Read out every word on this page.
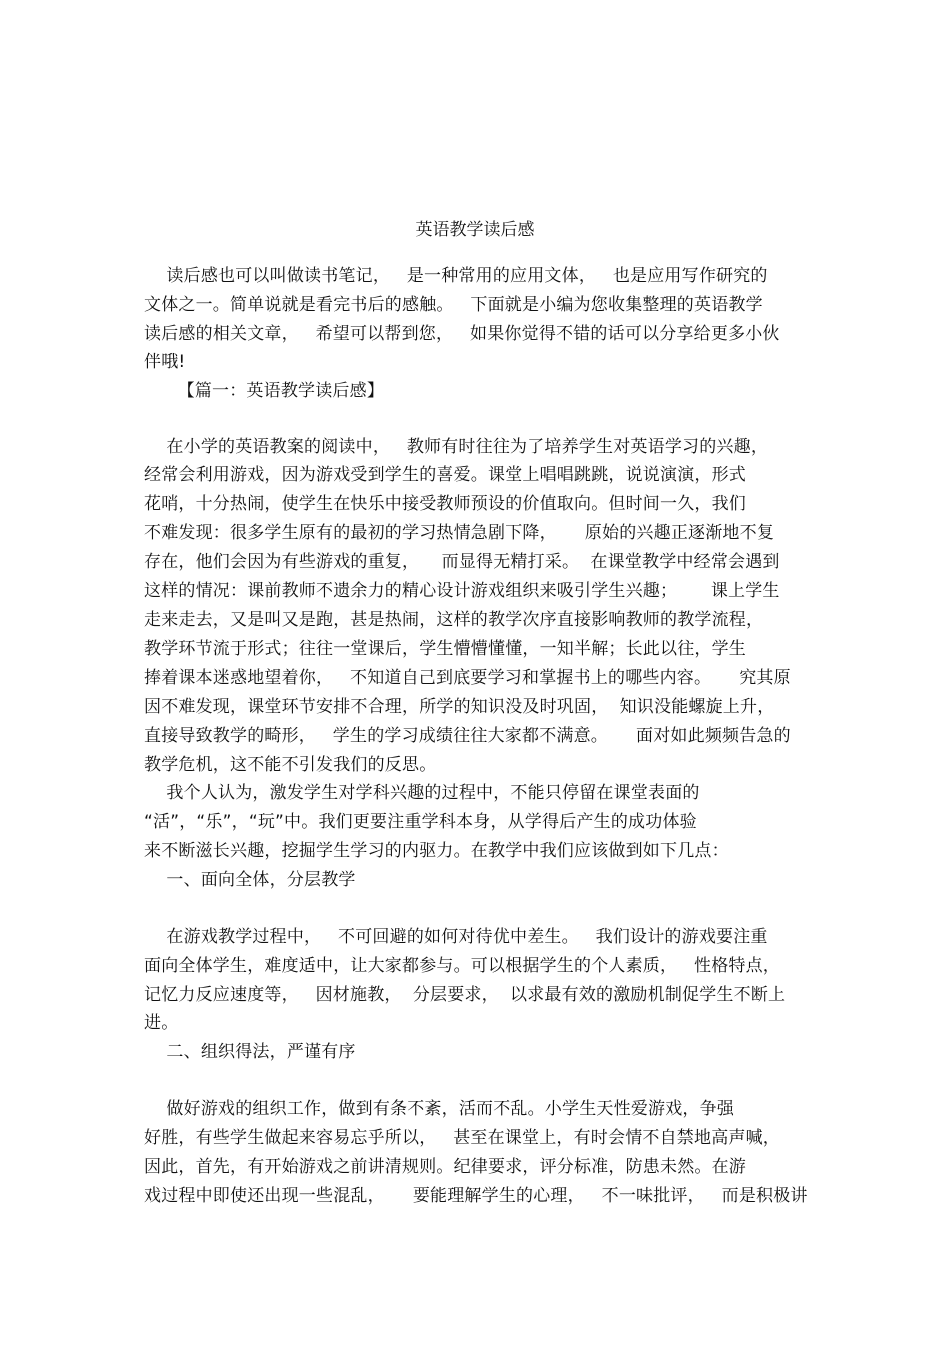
英语教学读后感
读后感也可以叫做读书笔记，   是一种常用的应用文体，   也是应用写作研究的
文体之一。简单说就是看完书后的感触。   下面就是小编为您收集整理的英语教学
读后感的相关文章，   希望可以帮到您，   如果你觉得不错的话可以分享给更多小伙
伴哦!
【篇一：英语教学读后感】
在小学的英语教案的阅读中，   教师有时往往为了培养学生对英语学习的兴趣，
经常会利用游戏，因为游戏受到学生的喜爱。课堂上唱唱跳跳，说说演演，形式
花哨，十分热闹，使学生在快乐中接受教师预设的价值取向。但时间一久，我们
不难发现：很多学生原有的最初的学习热情急剧下降，     原始的兴趣正逐渐地不复
存在，他们会因为有些游戏的重复，    而显得无精打采。  在课堂教学中经常会遇到
这样的情况：课前教师不遗余力的精心设计游戏组织来吸引学生兴趣；      课上学生
走来走去，又是叫又是跑，甚是热闹，这样的教学次序直接影响教师的教学流程，
教学环节流于形式；往往一堂课后，学生懵懵懂懂，一知半解；长此以往，学生
捧着课本迷惑地望着你，   不知道自己到底要学习和掌握书上的哪些内容。     究其原
因不难发现，课堂环节安排不合理，所学的知识没及时巩固，  知识没能螺旋上升，
直接导致教学的畸形，   学生的学习成绩往往大家都不满意。     面对如此频频告急的
教学危机，这不能不引发我们的反思。
我个人认为，激发学生对学科兴趣的过程中，不能只停留在课堂表面的
“活”，“乐”，“玩”中。我们更要注重学科本身，从学得后产生的成功体验
来不断滋长兴趣，挖掘学生学习的内驱力。在教学中我们应该做到如下几点：
一、面向全体，分层教学
在游戏教学过程中，   不可回避的如何对待优中差生。   我们设计的游戏要注重
面向全体学生，难度适中，让大家都参与。可以根据学生的个人素质，   性格特点，
记忆力反应速度等，   因材施教，  分层要求，  以求最有效的激励机制促学生不断上
进。
二、组织得法，严谨有序
做好游戏的组织工作，做到有条不紊，活而不乱。小学生天性爱游戏，争强
好胜，有些学生做起来容易忘乎所以，   甚至在课堂上，有时会情不自禁地高声喊，
因此，首先，有开始游戏之前讲清规则。纪律要求，评分标准，防患未然。在游
戏过程中即使还出现一些混乱，     要能理解学生的心理，   不一味批评，   而是积极讲
